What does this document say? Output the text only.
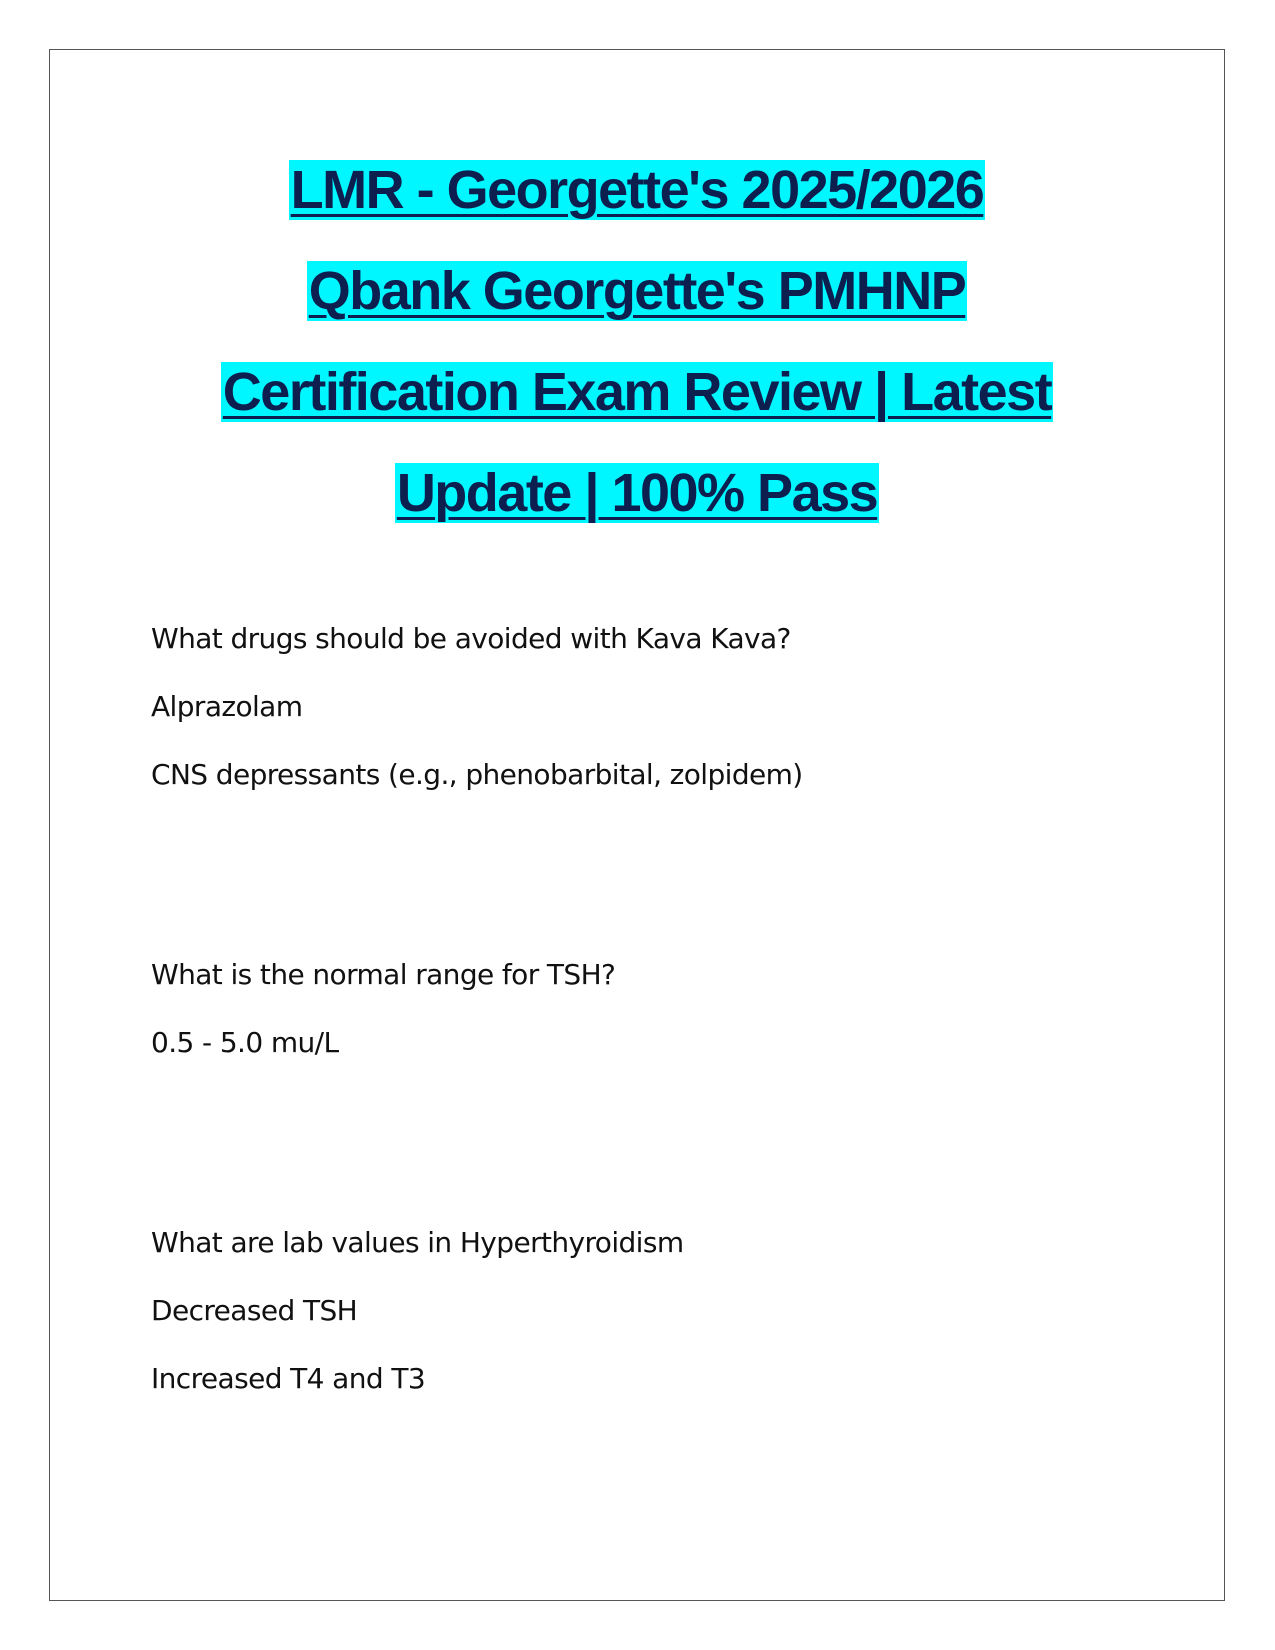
LMR - Georgette's 2025/2026
Qbank Georgette's PMHNP
Certification Exam Review | Latest
Update | 100% Pass
What drugs should be avoided with Kava Kava?
Alprazolam
CNS depressants (e.g., phenobarbital, zolpidem)
What is the normal range for TSH?
0.5 - 5.0 mu/L
What are lab values in Hyperthyroidism
Decreased TSH
Increased T4 and T3
